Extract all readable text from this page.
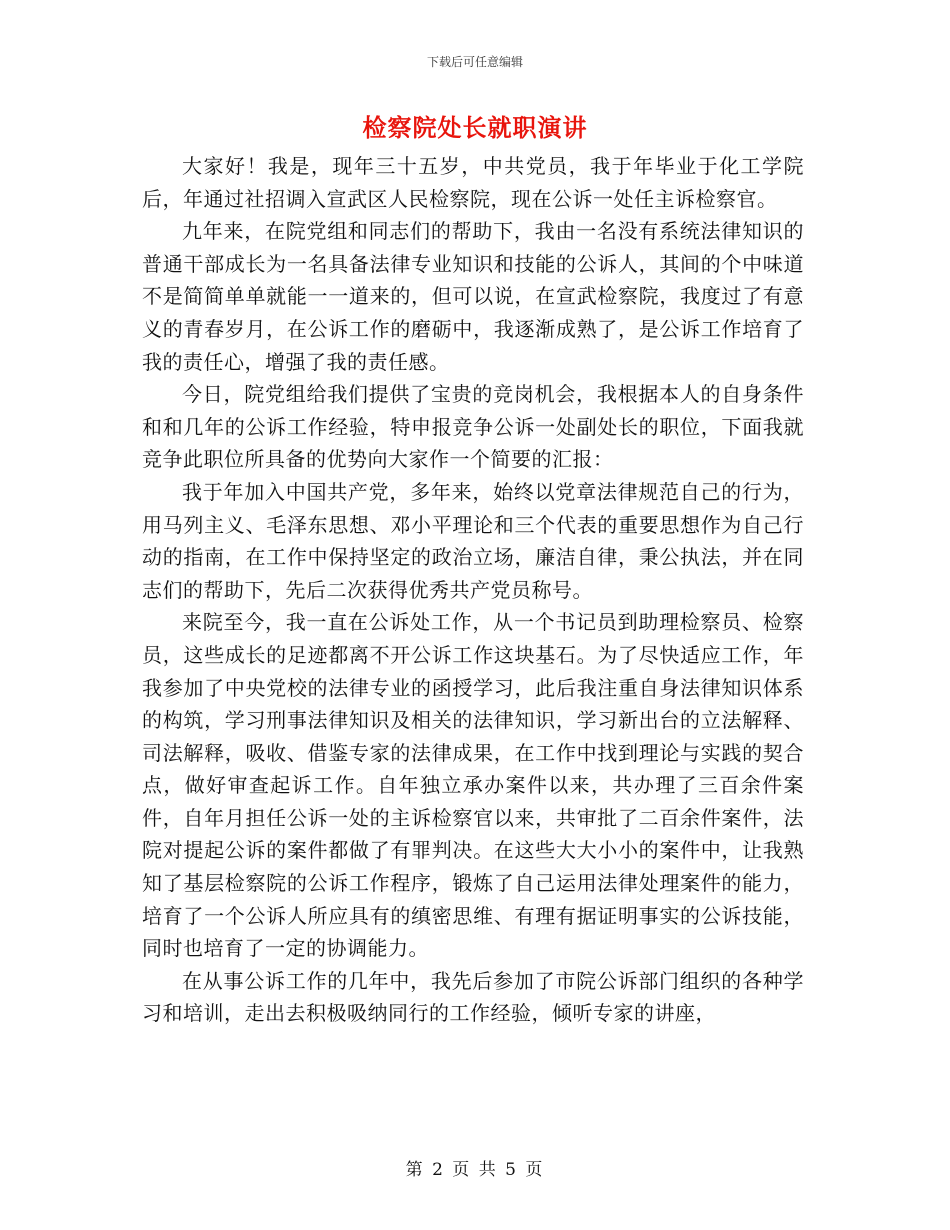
下载后可任意编辑
检察院处长就职演讲

大家好！我是，现年三十五岁，中共党员，我于年毕业于化工学院后，年通过社招调入宣武区人民检察院，现在公诉一处任主诉检察官。

九年来，在院党组和同志们的帮助下，我由一名没有系统法律知识的普通干部成长为一名具备法律专业知识和技能的公诉人，其间的个中味道不是简简单单就能一一道来的，但可以说，在宣武检察院，我度过了有意义的青春岁月，在公诉工作的磨砺中，我逐渐成熟了，是公诉工作培育了我的责任心，增强了我的责任感。

今日，院党组给我们提供了宝贵的竞岗机会，我根据本人的自身条件和和几年的公诉工作经验，特申报竞争公诉一处副处长的职位，下面我就竞争此职位所具备的优势向大家作一个简要的汇报：

我于年加入中国共产党，多年来，始终以党章法律规范自己的行为，用马列主义、毛泽东思想、邓小平理论和三个代表的重要思想作为自己行动的指南，在工作中保持坚定的政治立场，廉洁自律，秉公执法，并在同志们的帮助下，先后二次获得优秀共产党员称号。

来院至今，我一直在公诉处工作，从一个书记员到助理检察员、检察员，这些成长的足迹都离不开公诉工作这块基石。为了尽快适应工作，年我参加了中央党校的法律专业的函授学习，此后我注重自身法律知识体系的构筑，学习刑事法律知识及相关的法律知识，学习新出台的立法解释、司法解释，吸收、借鉴专家的法律成果，在工作中找到理论与实践的契合点，做好审查起诉工作。自年独立承办案件以来，共办理了三百余件案件，自年月担任公诉一处的主诉检察官以来，共审批了二百余件案件，法院对提起公诉的案件都做了有罪判决。在这些大大小小的案件中，让我熟知了基层检察院的公诉工作程序，锻炼了自己运用法律处理案件的能力，培育了一个公诉人所应具有的缜密思维、有理有据证明事实的公诉技能，同时也培育了一定的协调能力。

在从事公诉工作的几年中，我先后参加了市院公诉部门组织的各种学习和培训，走出去积极吸纳同行的工作经验，倾听专家的讲座，

第 2 页 共 5 页
